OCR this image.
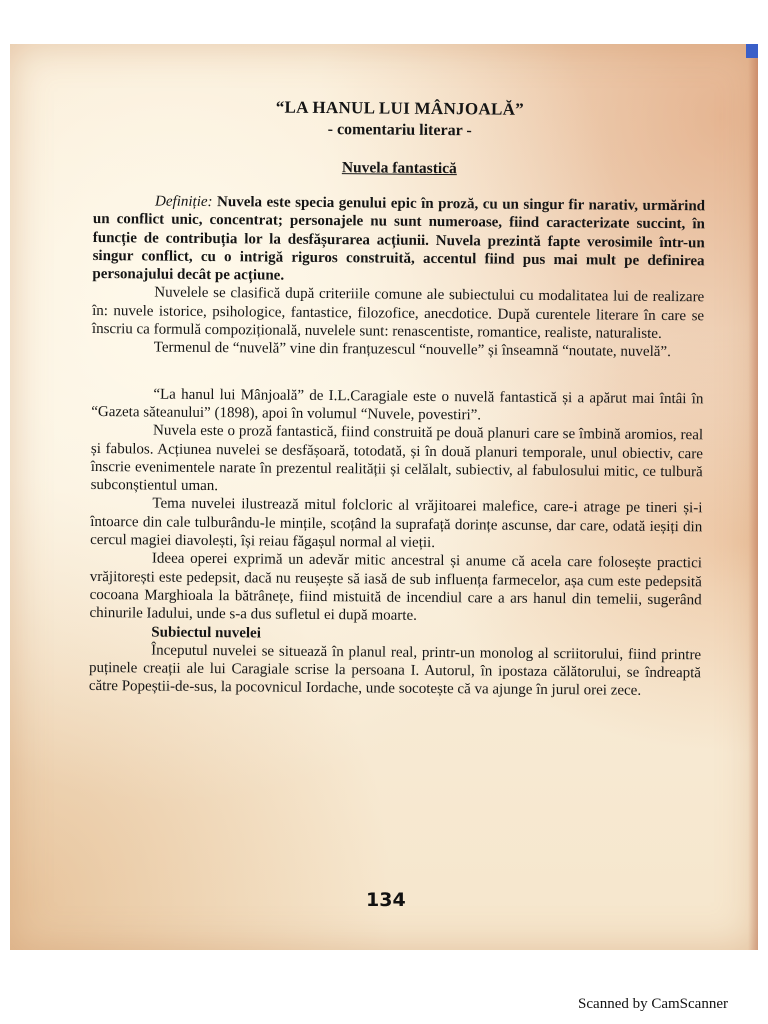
“LA HANUL LUI MÂNJOALĂ”
- comentariu literar -
Nuvela fantastică

Definiție: Nuvela este specia genului epic în proză, cu un singur fir narativ, urmărind un conflict unic, concentrat; personajele nu sunt numeroase, fiind caracterizate succint, în funcție de contribuția lor la desfășurarea acțiunii. Nuvela prezintă fapte verosimile într-un singur conflict, cu o intrigă riguros construită, accentul fiind pus mai mult pe definirea personajului decât pe acțiune.

Nuvelele se clasifică după criteriile comune ale subiectului cu modalitatea lui de realizare în: nuvele istorice, psihologice, fantastice, filozofice, anecdotice. După curentele literare în care se înscriu ca formulă compozițională, nuvelele sunt: renascentiste, romantice, realiste, naturaliste.

Termenul de “nuvelă” vine din franțuzescul “nouvelle” și înseamnă “noutate, nuvelă”.

“La hanul lui Mânjoală” de I.L.Caragiale este o nuvelă fantastică și a apărut mai întâi în “Gazeta săteanului” (1898), apoi în volumul “Nuvele, povestiri”.

Nuvela este o proză fantastică, fiind construită pe două planuri care se îmbină aromios, real și fabulos. Acțiunea nuvelei se desfășoară, totodată, și în două planuri temporale, unul obiectiv, care înscrie evenimentele narate în prezentul realității și celălalt, subiectiv, al fabulosului mitic, ce tulbură subconștientul uman.

Tema nuvelei ilustrează mitul folcloric al vrăjitoarei malefice, care-i atrage pe tineri și-i întoarce din cale tulburându-le mințile, scoțând la suprafață dorințe ascunse, dar care, odată ieșiți din cercul magiei diavolești, își reiau făgașul normal al vieții.

Ideea operei exprimă un adevăr mitic ancestral și anume că acela care folosește practici vrăjitorești este pedepsit, dacă nu reușește să iasă de sub influența farmecelor, așa cum este pedepsită cocoana Marghioala la bătrânețe, fiind mistuită de incendiul care a ars hanul din temelii, sugerând chinurile Iadului, unde s-a dus sufletul ei după moarte.

Subiectul nuvelei

Începutul nuvelei se situează în planul real, printr-un monolog al scriitorului, fiind printre puținele creații ale lui Caragiale scrise la persoana I. Autorul, în ipostaza călătorului, se îndreaptă către Popeștii-de-sus, la pocovnicul Iordache, unde socotește că va ajunge în jurul orei zece.

134
Scanned by CamScanner
